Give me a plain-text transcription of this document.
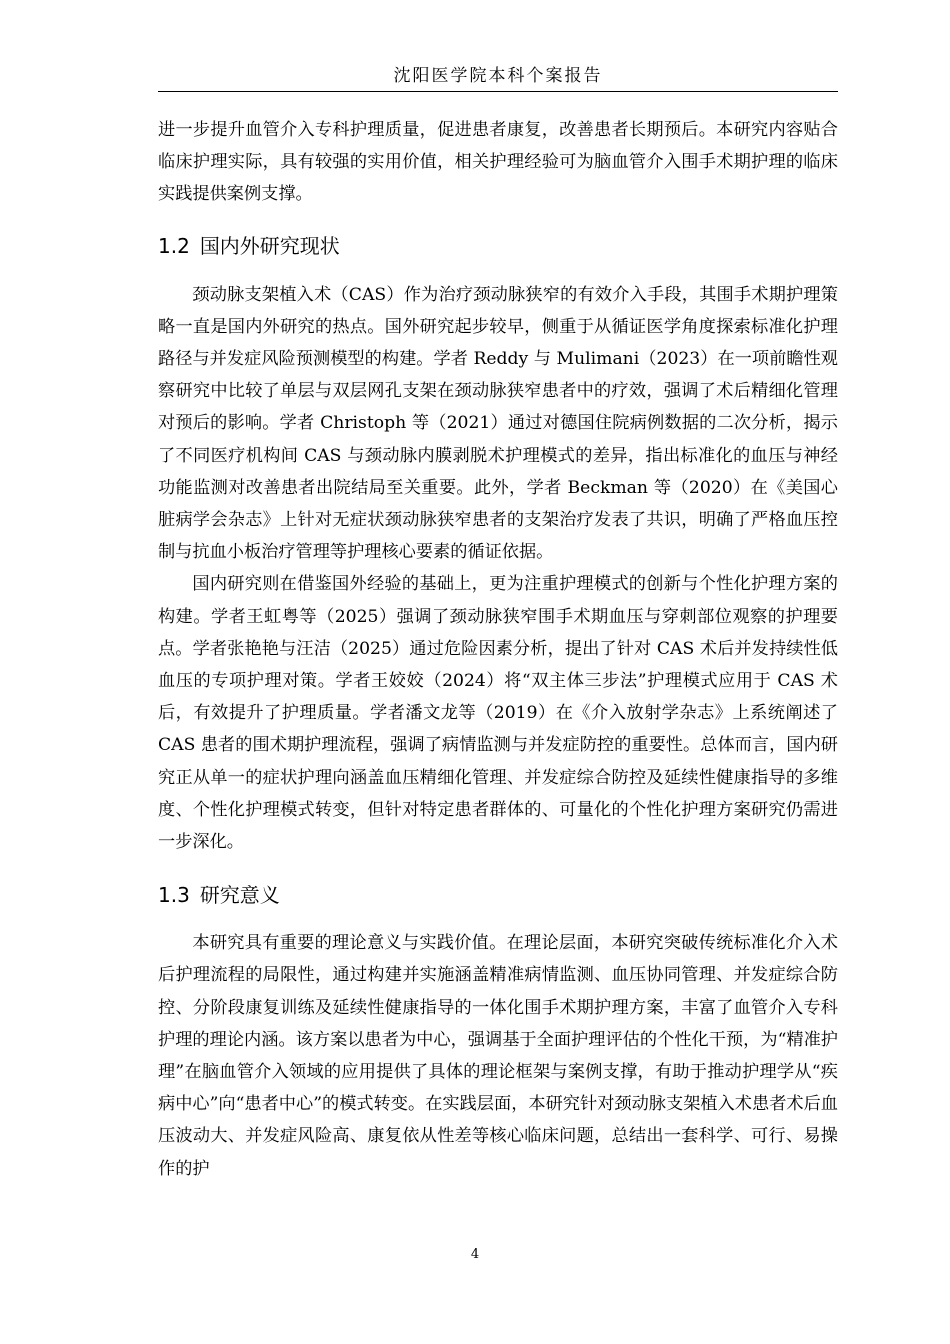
沈阳医学院本科个案报告

进一步提升血管介入专科护理质量，促进患者康复，改善患者长期预后。本研究内容贴合临床护理实际，具有较强的实用价值，相关护理经验可为脑血管介入围手术期护理的临床实践提供案例支撑。

1.2 国内外研究现状

颈动脉支架植入术（CAS）作为治疗颈动脉狭窄的有效介入手段，其围手术期护理策略一直是国内外研究的热点。国外研究起步较早，侧重于从循证医学角度探索标准化护理路径与并发症风险预测模型的构建。学者 Reddy 与 Mulimani（2023）在一项前瞻性观察研究中比较了单层与双层网孔支架在颈动脉狭窄患者中的疗效，强调了术后精细化管理对预后的影响。学者 Christoph 等（2021）通过对德国住院病例数据的二次分析，揭示了不同医疗机构间 CAS 与颈动脉内膜剥脱术护理模式的差异，指出标准化的血压与神经功能监测对改善患者出院结局至关重要。此外，学者 Beckman 等（2020）在《美国心脏病学会杂志》上针对无症状颈动脉狭窄患者的支架治疗发表了共识，明确了严格血压控制与抗血小板治疗管理等护理核心要素的循证依据。

国内研究则在借鉴国外经验的基础上，更为注重护理模式的创新与个性化护理方案的构建。学者王虹粤等（2025）强调了颈动脉狭窄围手术期血压与穿刺部位观察的护理要点。学者张艳艳与汪洁（2025）通过危险因素分析，提出了针对 CAS 术后并发持续性低血压的专项护理对策。学者王姣姣（2024）将“双主体三步法”护理模式应用于 CAS 术后，有效提升了护理质量。学者潘文龙等（2019）在《介入放射学杂志》上系统阐述了 CAS 患者的围术期护理流程，强调了病情监测与并发症防控的重要性。总体而言，国内研究正从单一的症状护理向涵盖血压精细化管理、并发症综合防控及延续性健康指导的多维度、个性化护理模式转变，但针对特定患者群体的、可量化的个性化护理方案研究仍需进一步深化。

1.3 研究意义

本研究具有重要的理论意义与实践价值。在理论层面，本研究突破传统标准化介入术后护理流程的局限性，通过构建并实施涵盖精准病情监测、血压协同管理、并发症综合防控、分阶段康复训练及延续性健康指导的一体化围手术期护理方案，丰富了血管介入专科护理的理论内涵。该方案以患者为中心，强调基于全面护理评估的个性化干预，为“精准护理”在脑血管介入领域的应用提供了具体的理论框架与案例支撑，有助于推动护理学从“疾病中心”向“患者中心”的模式转变。在实践层面，本研究针对颈动脉支架植入术患者术后血压波动大、并发症风险高、康复依从性差等核心临床问题，总结出一套科学、可行、易操作的护

4
